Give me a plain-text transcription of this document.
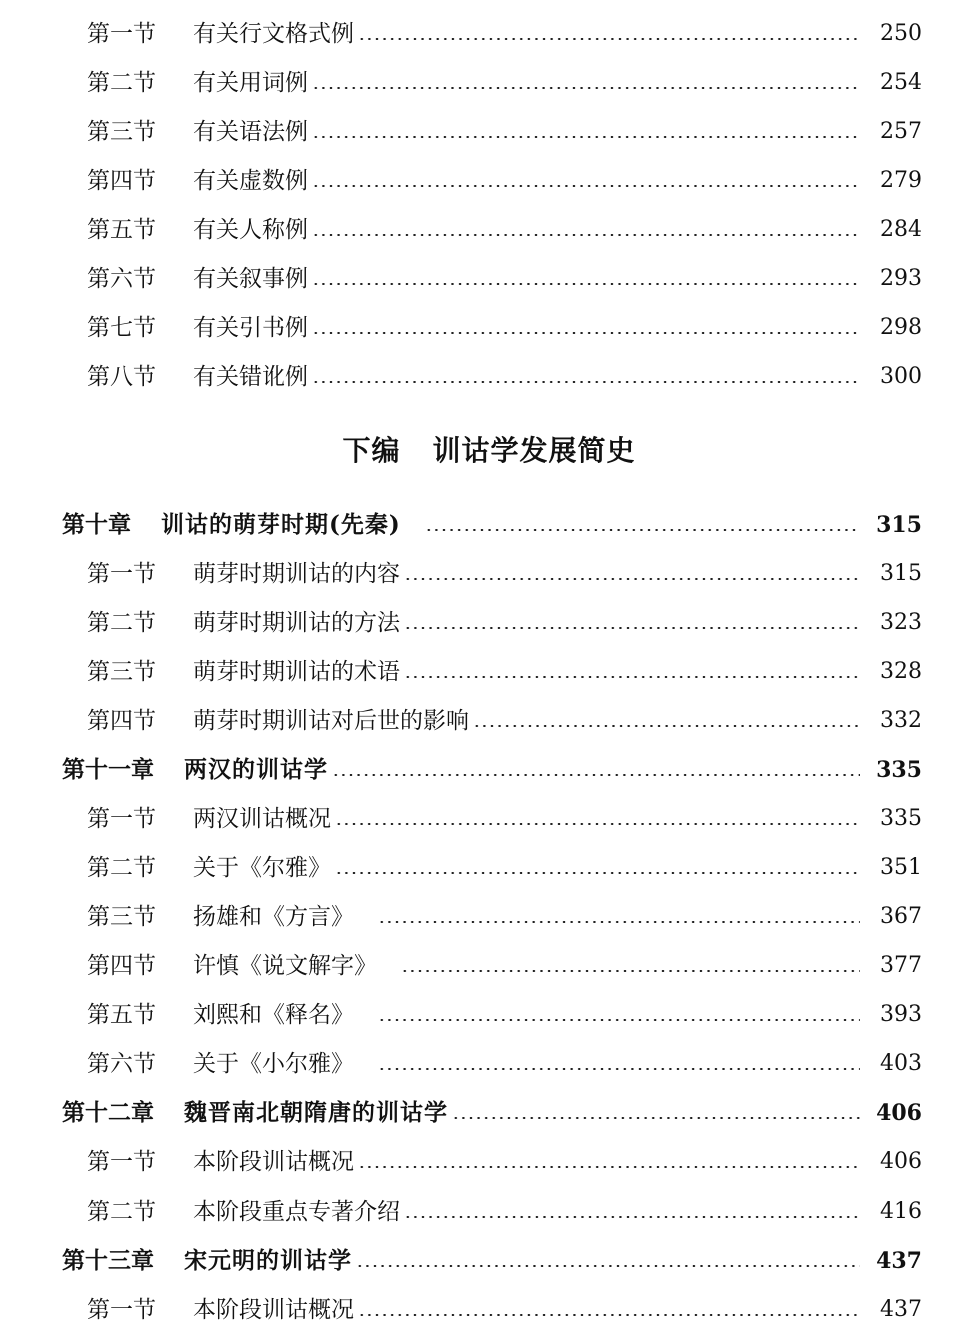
第一节	有关行文格式例	250
第二节	有关用词例	254
第三节	有关语法例	257
第四节	有关虚数例	279
第五节	有关人称例	284
第六节	有关叙事例	293
第七节	有关引书例	298
第八节	有关错讹例	300
下编 训诂学发展简史
第十章 训诂的萌芽时期(先秦)	315
第一节	萌芽时期训诂的内容	315
第二节	萌芽时期训诂的方法	323
第三节	萌芽时期训诂的术语	328
第四节	萌芽时期训诂对后世的影响	332
第十一章 两汉的训诂学	335
第一节	两汉训诂概况	335
第二节	关于《尔雅》	351
第三节	扬雄和《方言》	367
第四节	许慎《说文解字》	377
第五节	刘熙和《释名》	393
第六节	关于《小尔雅》	403
第十二章 魏晋南北朝隋唐的训诂学	406
第一节	本阶段训诂概况	406
第二节	本阶段重点专著介绍	416
第十三章 宋元明的训诂学	437
第一节	本阶段训诂概况	437
